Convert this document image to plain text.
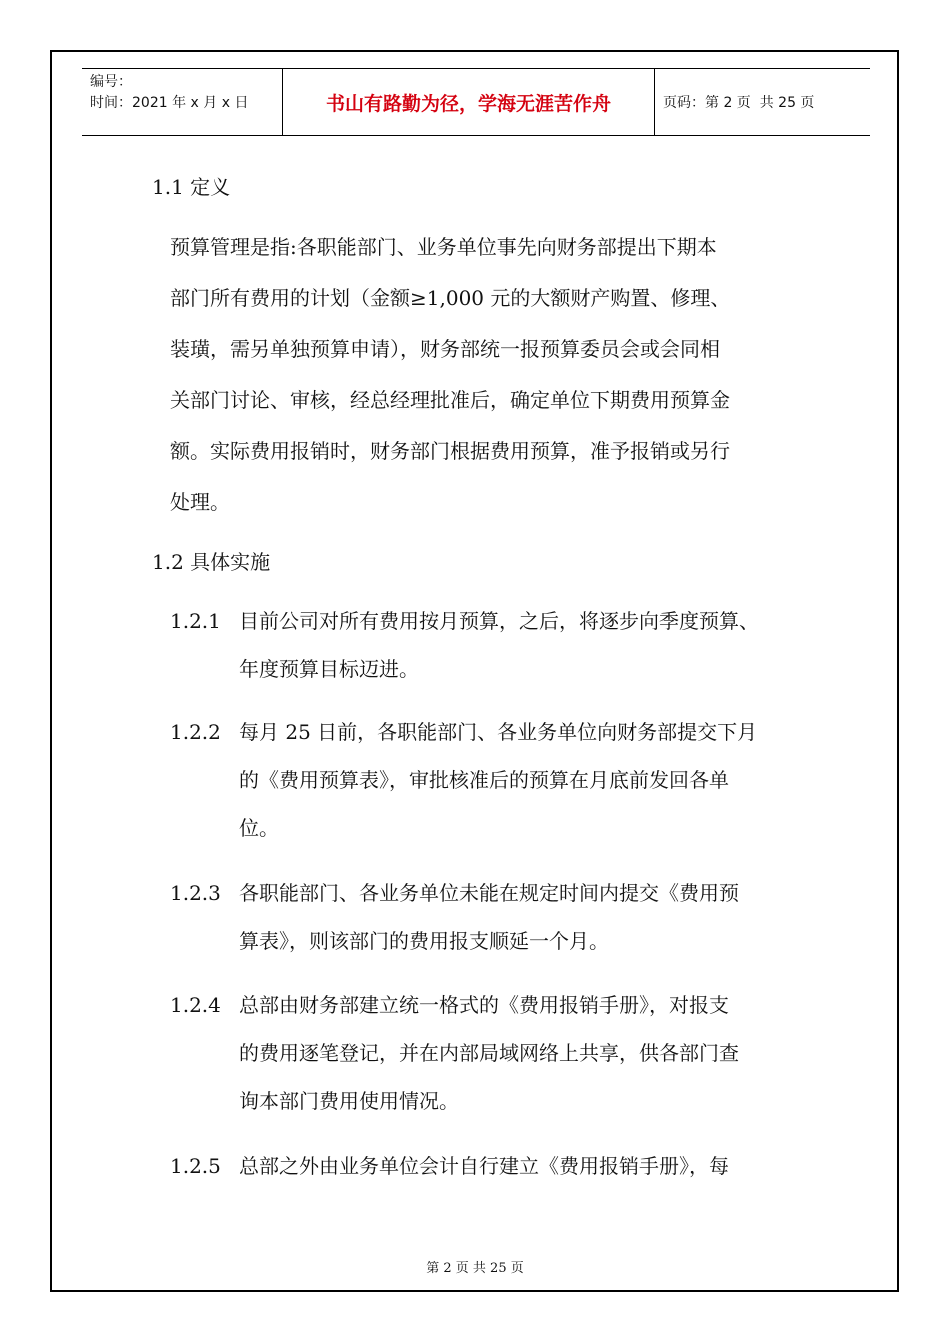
编号：
时间：2021 年 x 月 x 日	书山有路勤为径，学海无涯苦作舟	页码：第 2 页  共 25 页
1.1 定义

预算管理是指:各职能部门、业务单位事先向财务部提出下期本

部门所有费用的计划（金额≥1,000 元的大额财产购置、修理、

装璜，需另单独预算申请），财务部统一报预算委员会或会同相

关部门讨论、审核，经总经理批准后，确定单位下期费用预算金

额。实际费用报销时，财务部门根据费用预算，准予报销或另行

处理。

1.2 具体实施
1.2.1 目前公司对所有费用按月预算，之后，将逐步向季度预算、
年度预算目标迈进。
1.2.2 每月 25 日前，各职能部门、各业务单位向财务部提交下月
的《费用预算表》，审批核准后的预算在月底前发回各单
位。
1.2.3 各职能部门、各业务单位未能在规定时间内提交《费用预
算表》，则该部门的费用报支顺延一个月。
1.2.4 总部由财务部建立统一格式的《费用报销手册》，对报支
的费用逐笔登记，并在内部局域网络上共享，供各部门查
询本部门费用使用情况。
1.2.5 总部之外由业务单位会计自行建立《费用报销手册》，每
第 2 页 共 25 页
